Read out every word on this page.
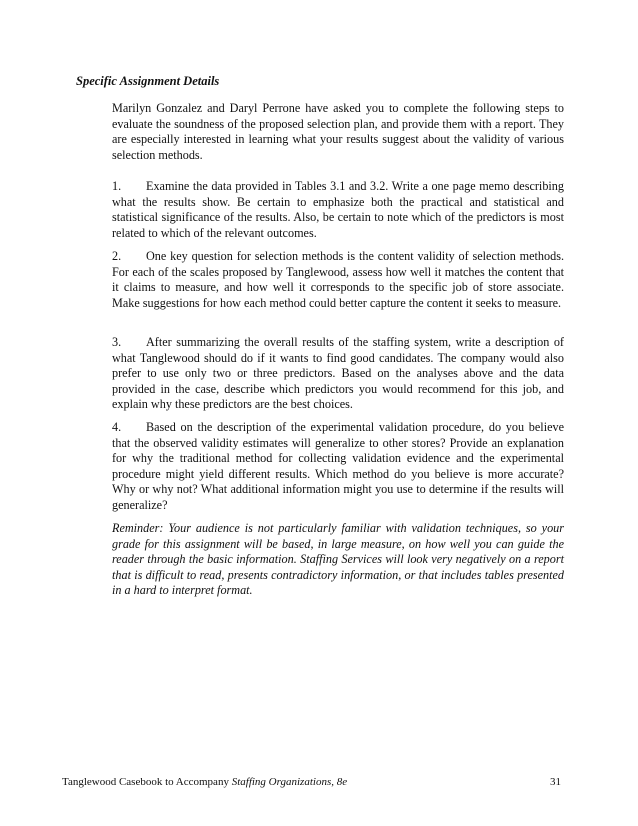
Specific Assignment Details

Marilyn Gonzalez and Daryl Perrone have asked you to complete the following steps to evaluate the soundness of the proposed selection plan, and provide them with a report. They are especially interested in learning what your results suggest about the validity of various selection methods.

1. Examine the data provided in Tables 3.1 and 3.2. Write a one page memo describing what the results show. Be certain to emphasize both the practical and statistical and statistical significance of the results. Also, be certain to note which of the predictors is most related to which of the relevant outcomes.

2. One key question for selection methods is the content validity of selection methods. For each of the scales proposed by Tanglewood, assess how well it matches the content that it claims to measure, and how well it corresponds to the specific job of store associate. Make suggestions for how each method could better capture the content it seeks to measure.

3. After summarizing the overall results of the staffing system, write a description of what Tanglewood should do if it wants to find good candidates. The company would also prefer to use only two or three predictors. Based on the analyses above and the data provided in the case, describe which predictors you would recommend for this job, and explain why these predictors are the best choices.

4. Based on the description of the experimental validation procedure, do you believe that the observed validity estimates will generalize to other stores? Provide an explanation for why the traditional method for collecting validation evidence and the experimental procedure might yield different results. Which method do you believe is more accurate? Why or why not? What additional information might you use to determine if the results will generalize?

Reminder: Your audience is not particularly familiar with validation techniques, so your grade for this assignment will be based, in large measure, on how well you can guide the reader through the basic information. Staffing Services will look very negatively on a report that is difficult to read, presents contradictory information, or that includes tables presented in a hard to interpret format.

Tanglewood Casebook to Accompany Staffing Organizations, 8e	31
